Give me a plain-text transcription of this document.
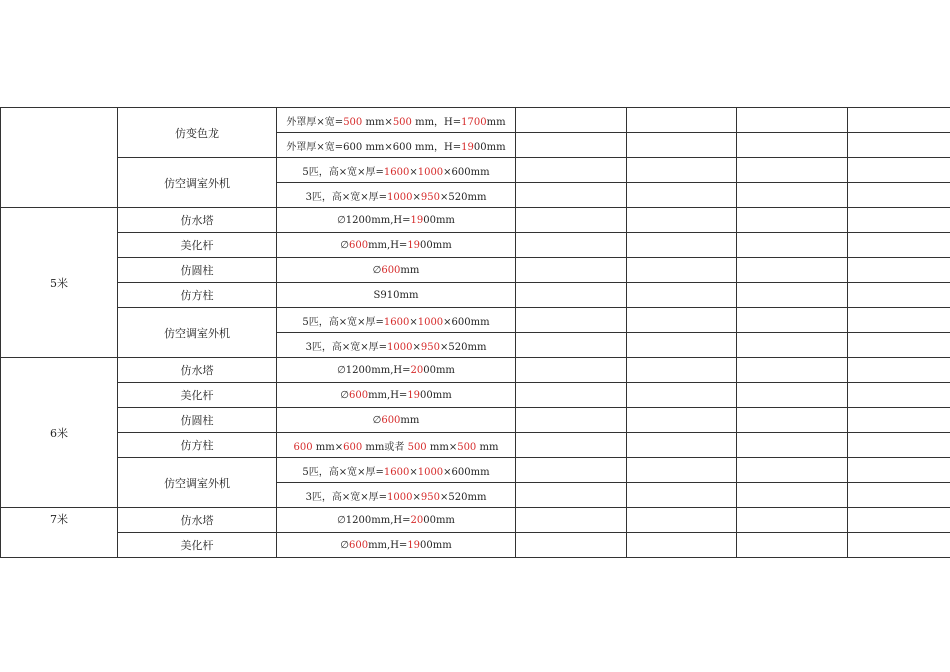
	仿变色龙	外罩厚×宽=500 mm×500 mm，H=1700mm				
		外罩厚×宽=600 mm×600 mm，H=1900mm				
	仿空调室外机	5匹，高×宽×厚=1600×1000×600mm				
		3匹，高×宽×厚=1000×950×520mm				
5米	仿水塔	∅1200mm,H=1900mm				
	美化杆	∅600mm,H=1900mm				
	仿圆柱	∅600mm				
	仿方柱	S910mm				
	仿空调室外机	5匹，高×宽×厚=1600×1000×600mm				
		3匹，高×宽×厚=1000×950×520mm				
6米	仿水塔	∅1200mm,H=2000mm				
	美化杆	∅600mm,H=1900mm				
	仿圆柱	∅600mm				
	仿方柱	600 mm×600 mm或者 500 mm×500 mm				
	仿空调室外机	5匹，高×宽×厚=1600×1000×600mm				
		3匹，高×宽×厚=1000×950×520mm				
7米	仿水塔	∅1200mm,H=2000mm				
	美化杆	∅600mm,H=1900mm				
